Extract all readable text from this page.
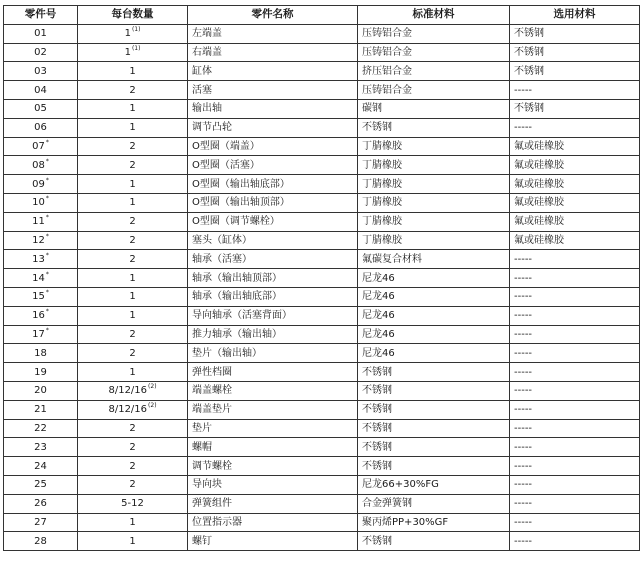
零件号	每台数量	零件名称	标准材料	选用材料
01	1$^{(1)}$	左端盖	压铸铝合金	不锈钢
02	1$^{(1)}$	右端盖	压铸铝合金	不锈钢
03	1	缸体	挤压铝合金	不锈钢
04	2	活塞	压铸铝合金	-----
05	1	输出轴	碳钢	不锈钢
06	1	调节凸轮	不锈钢	-----
07*	2	O型圈（端盖）	丁腈橡胶	氟或硅橡胶
08*	2	O型圈（活塞）	丁腈橡胶	氟或硅橡胶
09*	1	O型圈（输出轴底部）	丁腈橡胶	氟或硅橡胶
10*	1	O型圈（输出轴顶部）	丁腈橡胶	氟或硅橡胶
11*	2	O型圈（调节螺栓）	丁腈橡胶	氟或硅橡胶
12*	2	塞头（缸体）	丁腈橡胶	氟或硅橡胶
13*	2	轴承（活塞）	氟碳复合材料	-----
14*	1	轴承（输出轴顶部）	尼龙46	-----
15*	1	轴承（输出轴底部）	尼龙46	-----
16*	1	导向轴承（活塞背面）	尼龙46	-----
17*	2	推力轴承（输出轴）	尼龙46	-----
18	2	垫片（输出轴）	尼龙46	-----
19	1	弹性档圈	不锈钢	-----
20	8/12/16$^{(2)}$	端盖螺栓	不锈钢	-----
21	8/12/16$^{(2)}$	端盖垫片	不锈钢	-----
22	2	垫片	不锈钢	-----
23	2	螺帽	不锈钢	-----
24	2	调节螺栓	不锈钢	-----
25	2	导向块	尼龙66+30%FG	-----
26	5-12	弹簧组件	合金弹簧钢	-----
27	1	位置指示器	聚丙烯PP+30%GF	-----
28	1	螺钉	不锈钢	-----
